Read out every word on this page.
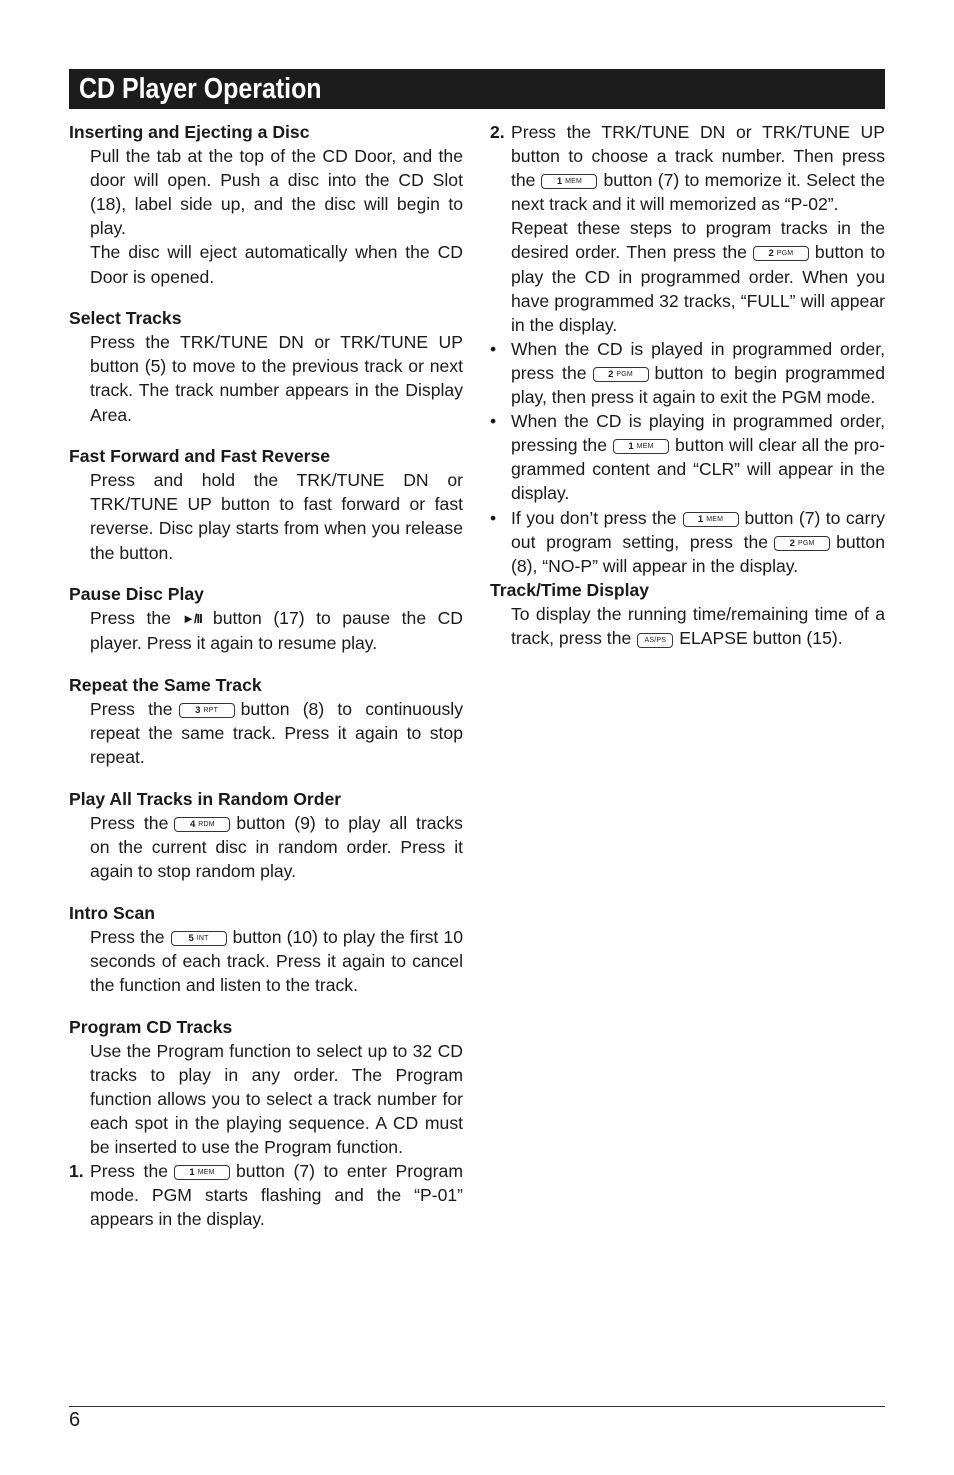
CD Player Operation

Inserting and Ejecting a Disc

Pull the tab at the top of the CD Door, and the door will open. Push a disc into the CD Slot (18), label side up, and the disc will begin to play.

The disc will eject automatically when the CD Door is opened.

Select Tracks

Press the TRK/TUNE DN or TRK/TUNE UP button (5) to move to the previous track or next track. The track number appears in the Display Area.

Fast Forward and Fast Reverse

Press and hold the TRK/TUNE DN or TRK/TUNE UP button to fast forward or fast reverse. Disc play starts from when you release the button.

Pause Disc Play

Press the ►/II button (17) to pause the CD player. Press it again to resume play.

Repeat the Same Track

Press the 3 RPT button (8) to continuously repeat the same track. Press it again to stop repeat.

Play All Tracks in Random Order

Press the 4 RDM button (9) to play all tracks on the current disc in random order. Press it again to stop random play.

Intro Scan

Press the	5 INT button (10) to play the first 10 seconds of each track. Press it again to cancel the function and listen to the track.

Program CD Tracks

Use the Program function to select up to 32 CD tracks to play in any order. The Program function allows you to select a track number for each spot in the playing sequence. A CD must be inserted to use the Program function.

1. Press the 1 MEM button (7) to enter Program mode. PGM starts flashing and the “P-01” appears in the display.

2. Press the TRK/TUNE DN or TRK/TUNE UP button to choose a track number. Then press the 1 MEM button (7) to memorize it. Select the next track and it will memorized as “P-02”.

Repeat these steps to program tracks in the desired order. Then press the 2 PGM button to play the CD in programmed order. When you have programmed 32 tracks, “FULL” will appear in the display.

• When the CD is played in programmed order, press the 2 PGM button to begin programmed play, then press it again to exit the PGM mode.

• When the CD is playing in programmed order, pressing the 1 MEM button will clear all the pro-grammed content and “CLR” will appear in the display.

• If you don’t press the 1 MEM button (7) to carry out program setting, press the 2 PGM button (8), “NO-P” will appear in the display.

Track/Time Display

To display the running time/remaining time of a track, press the AS/PS ELAPSE button (15).

6
